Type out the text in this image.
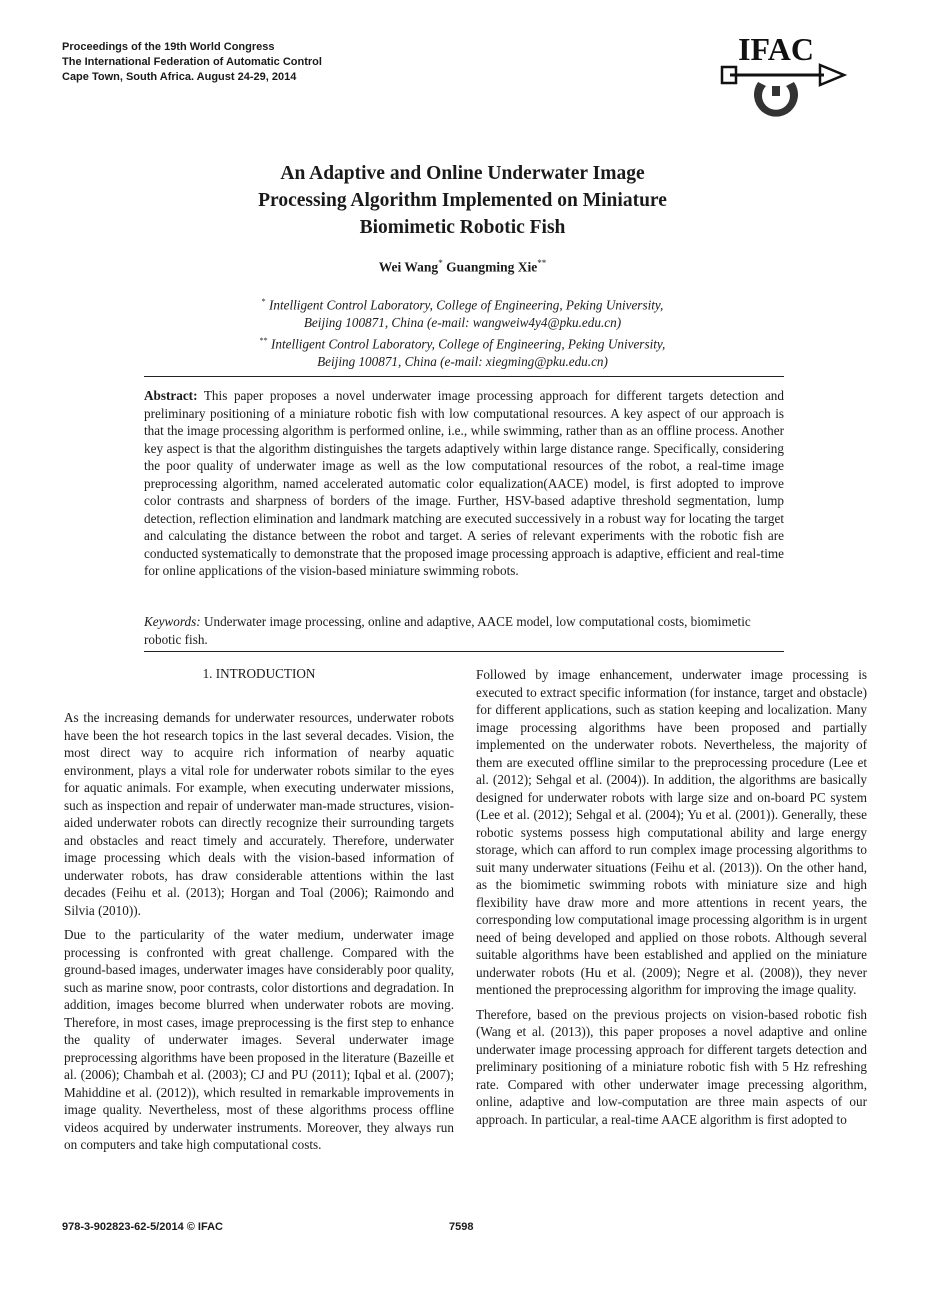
Proceedings of the 19th World Congress
The International Federation of Automatic Control
Cape Town, South Africa. August 24-29, 2014
IFAC
An Adaptive and Online Underwater Image
Processing Algorithm Implemented on Miniature
Biomimetic Robotic Fish
Wei Wang* Guangming Xie**
* Intelligent Control Laboratory, College of Engineering, Peking University,
Beijing 100871, China (e-mail: wangweiw4y4@pku.edu.cn)
** Intelligent Control Laboratory, College of Engineering, Peking University,
Beijing 100871, China (e-mail: xiegming@pku.edu.cn)
Abstract: This paper proposes a novel underwater image processing approach for different targets detection and preliminary positioning of a miniature robotic fish with low computational resources. A key aspect of our approach is that the image processing algorithm is performed online, i.e., while swimming, rather than as an offline process. Another key aspect is that the algorithm distinguishes the targets adaptively within large distance range. Specifically, considering the poor quality of underwater image as well as the low computational resources of the robot, a real-time image preprocessing algorithm, named accelerated automatic color equalization(AACE) model, is first adopted to improve color contrasts and sharpness of borders of the image. Further, HSV-based adaptive threshold segmentation, lump detection, reflection elimination and landmark matching are executed successively in a robust way for locating the target and calculating the distance between the robot and target. A series of relevant experiments with the robotic fish are conducted systematically to demonstrate that the proposed image processing approach is adaptive, efficient and real-time for online applications of the vision-based miniature swimming robots.
Keywords: Underwater image processing, online and adaptive, AACE model, low computational costs, biomimetic robotic fish.
1. INTRODUCTION

As the increasing demands for underwater resources, underwater robots have been the hot research topics in the last several decades. Vision, the most direct way to acquire rich information of nearby aquatic environment, plays a vital role for underwater robots similar to the eyes for aquatic animals. For example, when executing underwater missions, such as inspection and repair of underwater man-made structures, vision-aided underwater robots can directly recognize their surrounding targets and obstacles and react timely and accurately. Therefore, underwater image processing which deals with the vision-based information of underwater robots, has draw considerable attentions within the last decades (Feihu et al. (2013); Horgan and Toal (2006); Raimondo and Silvia (2010)).

Due to the particularity of the water medium, underwater image processing is confronted with great challenge. Compared with the ground-based images, underwater images have considerably poor quality, such as marine snow, poor contrasts, color distortions and degradation. In addition, images become blurred when underwater robots are moving. Therefore, in most cases, image preprocessing is the first step to enhance the quality of underwater images. Several underwater image preprocessing algorithms have been proposed in the literature (Bazeille et al. (2006); Chambah et al. (2003); CJ and PU (2011); Iqbal et al. (2007); Mahiddine et al. (2012)), which resulted in remarkable improvements in image quality. Nevertheless, most of these algorithms process offline videos acquired by underwater instruments. Moreover, they always run on computers and take high computational costs.

Followed by image enhancement, underwater image processing is executed to extract specific information (for instance, target and obstacle) for different applications, such as station keeping and localization. Many image processing algorithms have been proposed and partially implemented on the underwater robots. Nevertheless, the majority of them are executed offline similar to the preprocessing procedure (Lee et al. (2012); Sehgal et al. (2004)). In addition, the algorithms are basically designed for underwater robots with large size and on-board PC system (Lee et al. (2012); Sehgal et al. (2004); Yu et al. (2001)). Generally, these robotic systems possess high computational ability and large energy storage, which can afford to run complex image processing algorithms to suit many underwater situations (Feihu et al. (2013)). On the other hand, as the biomimetic swimming robots with miniature size and high flexibility have draw more and more attentions in recent years, the corresponding low computational image processing algorithm is in urgent need of being developed and applied on those robots. Although several suitable algorithms have been established and applied on the miniature underwater robots (Hu et al. (2009); Negre et al. (2008)), they never mentioned the preprocessing algorithm for improving the image quality.

Therefore, based on the previous projects on vision-based robotic fish (Wang et al. (2013)), this paper proposes a novel adaptive and online underwater image processing approach for different targets detection and preliminary positioning of a miniature robotic fish with 5 Hz refreshing rate. Compared with other underwater image precessing algorithm, online, adaptive and low-computation are three main aspects of our approach. In particular, a real-time AACE algorithm is first adopted to

978-3-902823-62-5/2014 © IFAC	7598
